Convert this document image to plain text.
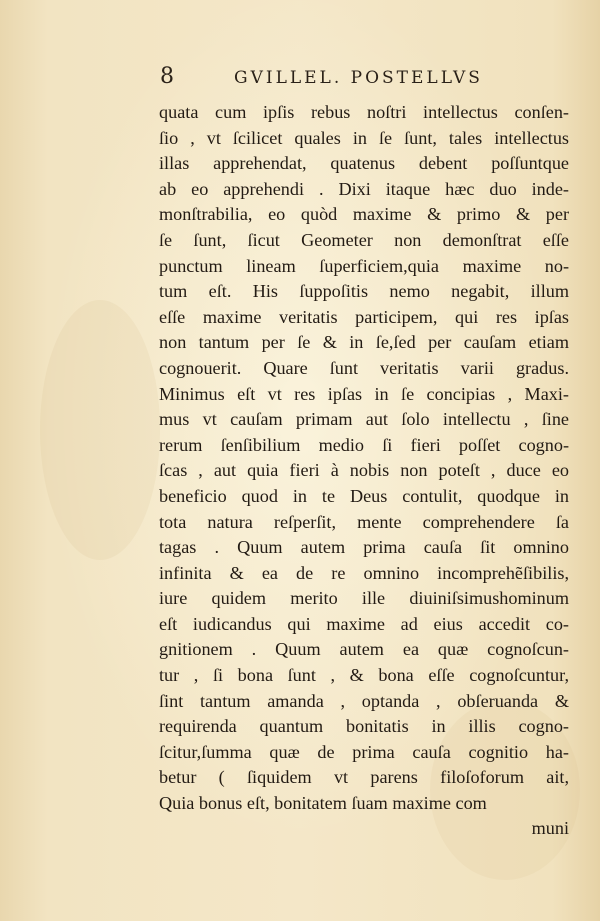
8	GVILLEL. POSTELLVS
quata cum ipſis rebus noſtri intellectus conſen-
ſio , vt ſcilicet quales in ſe ſunt, tales intellectus
illas apprehendat, quatenus debent poſſuntque
ab eo apprehendi . Dixi itaque hæc duo inde-
monſtrabilia, eo quòd maxime & primo & per
ſe ſunt, ſicut Geometer non demonſtrat eſſe
punctum lineam ſuperficiem,quia maxime no-
tum eſt. His ſuppoſitis nemo negabit, illum
eſſe maxime veritatis participem, qui res ipſas
non tantum per ſe & in ſe,ſed per cauſam etiam
cognouerit. Quare ſunt veritatis varii gradus.
Minimus eſt vt res ipſas in ſe concipias , Maxi-
mus vt cauſam primam aut ſolo intellectu , ſine
rerum ſenſibilium medio ſi fieri poſſet cogno-
ſcas , aut quia fieri à nobis non poteſt , duce eo
beneficio quod in te Deus contulit, quodque in
tota natura reſperſit, mente comprehendere ſa
tagas . Quum autem prima cauſa ſit omnino
infinita & ea de re omnino incomprehẽſibilis,
iure quidem merito ille diuiniſsimushominum
eſt iudicandus qui maxime ad eius accedit co-
gnitionem . Quum autem ea quæ cognoſcun-
tur , ſi bona ſunt , & bona eſſe cognoſcuntur,
ſint tantum amanda , optanda , obſeruanda &
requirenda quantum bonitatis in illis cogno-
ſcitur,ſumma quæ de prima cauſa cognitio ha-
betur ( ſiquidem vt parens filoſoforum ait,
Quia bonus eſt, bonitatem ſuam maxime com
muni
